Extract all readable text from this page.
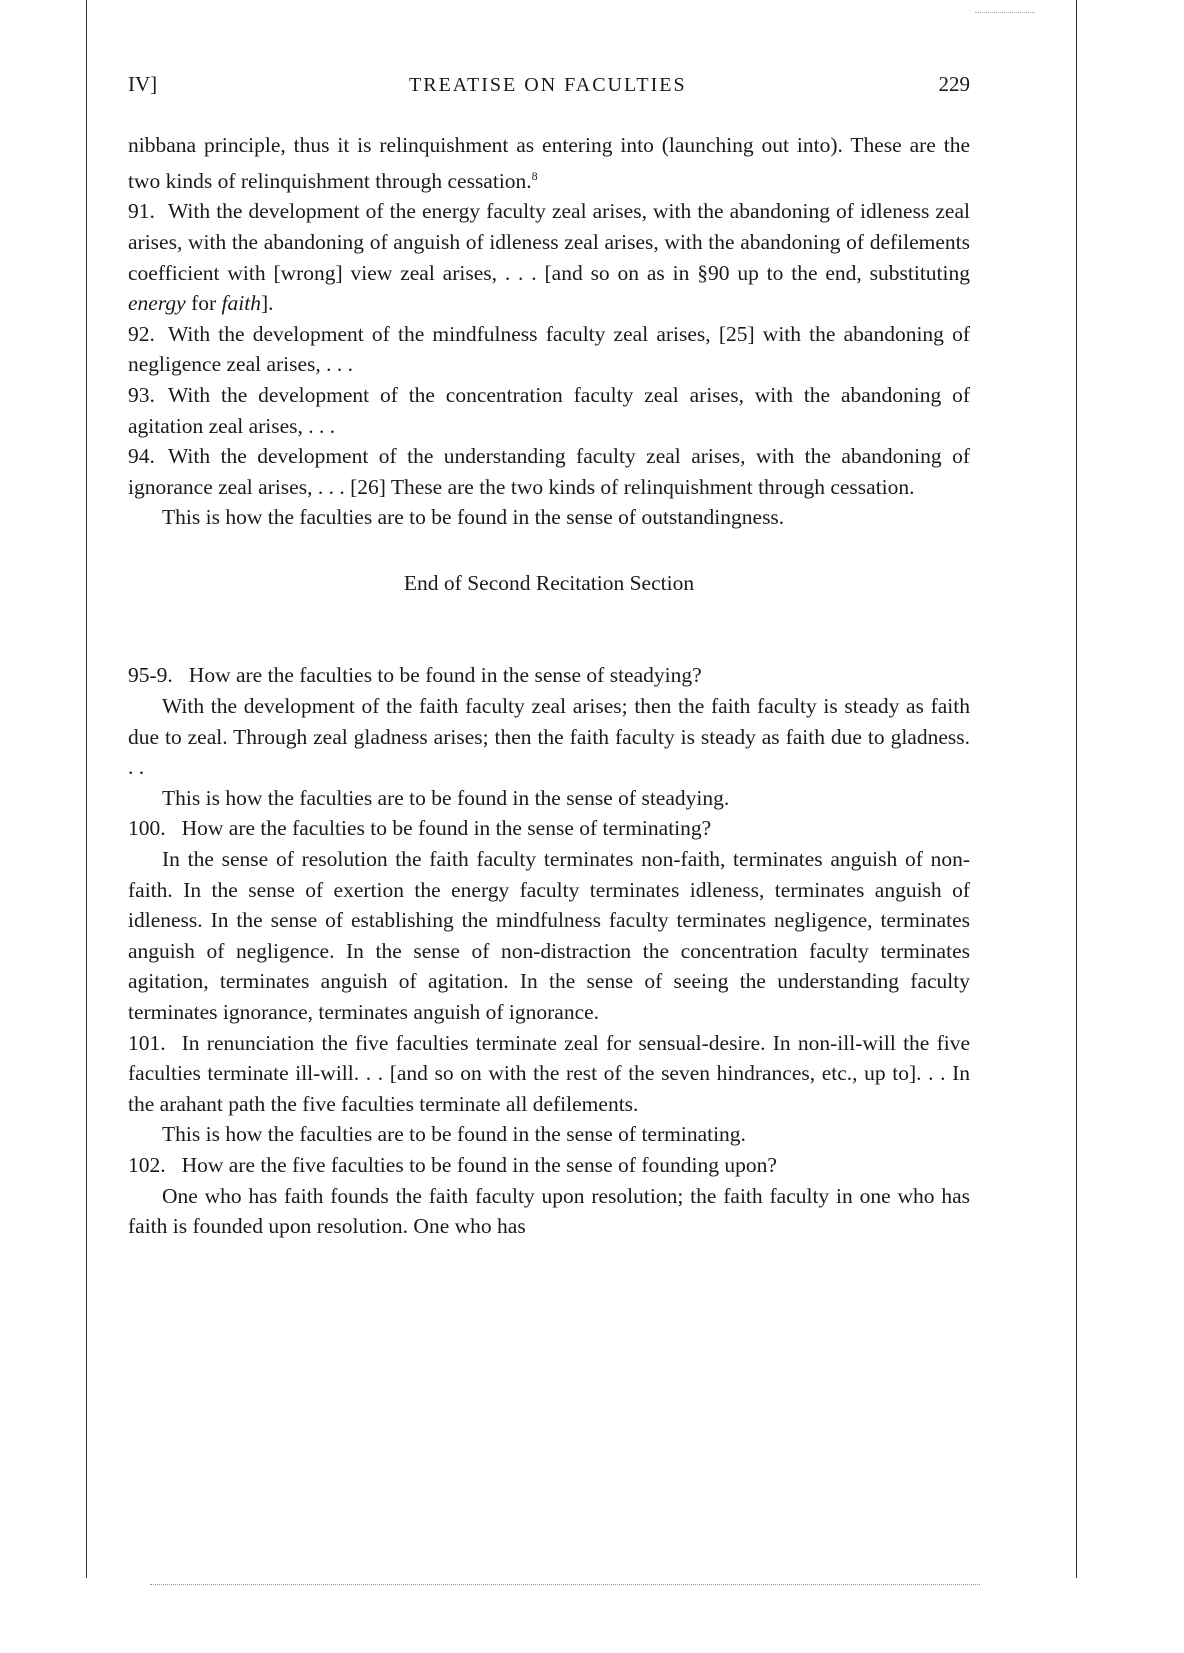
IV]	TREATISE ON FACULTIES	229

nibbana principle, thus it is relinquishment as entering into (launching out into). These are the two kinds of relinquishment through cessation.$^8$

91. With the development of the energy faculty zeal arises, with the abandoning of idleness zeal arises, with the abandoning of anguish of idleness zeal arises, with the abandoning of defilements coefficient with [wrong] view zeal arises, . . . [and so on as in §90 up to the end, substituting energy for faith].

92. With the development of the mindfulness faculty zeal arises, [25] with the abandoning of negligence zeal arises, . . .

93. With the development of the concentration faculty zeal arises, with the abandoning of agitation zeal arises, . . .

94. With the development of the understanding faculty zeal arises, with the abandoning of ignorance zeal arises, . . . [26] These are the two kinds of relinquishment through cessation.

This is how the faculties are to be found in the sense of outstandingness.

End of Second Recitation Section

95-9. How are the faculties to be found in the sense of steadying?

With the development of the faith faculty zeal arises; then the faith faculty is steady as faith due to zeal. Through zeal gladness arises; then the faith faculty is steady as faith due to gladness. . .

This is how the faculties are to be found in the sense of steadying.

100. How are the faculties to be found in the sense of terminating?

In the sense of resolution the faith faculty terminates non-faith, terminates anguish of non-faith. In the sense of exertion the energy faculty terminates idleness, terminates anguish of idleness. In the sense of establishing the mindfulness faculty terminates negligence, terminates anguish of negligence. In the sense of non-distraction the concentration faculty terminates agitation, terminates anguish of agitation. In the sense of seeing the understanding faculty terminates ignorance, terminates anguish of ignorance.

101. In renunciation the five faculties terminate zeal for sensual-desire. In non-ill-will the five faculties terminate ill-will. . . [and so on with the rest of the seven hindrances, etc., up to]. . . In the arahant path the five faculties terminate all defilements.

This is how the faculties are to be found in the sense of terminating.

102. How are the five faculties to be found in the sense of founding upon?

One who has faith founds the faith faculty upon resolution; the faith faculty in one who has faith is founded upon resolution. One who has
